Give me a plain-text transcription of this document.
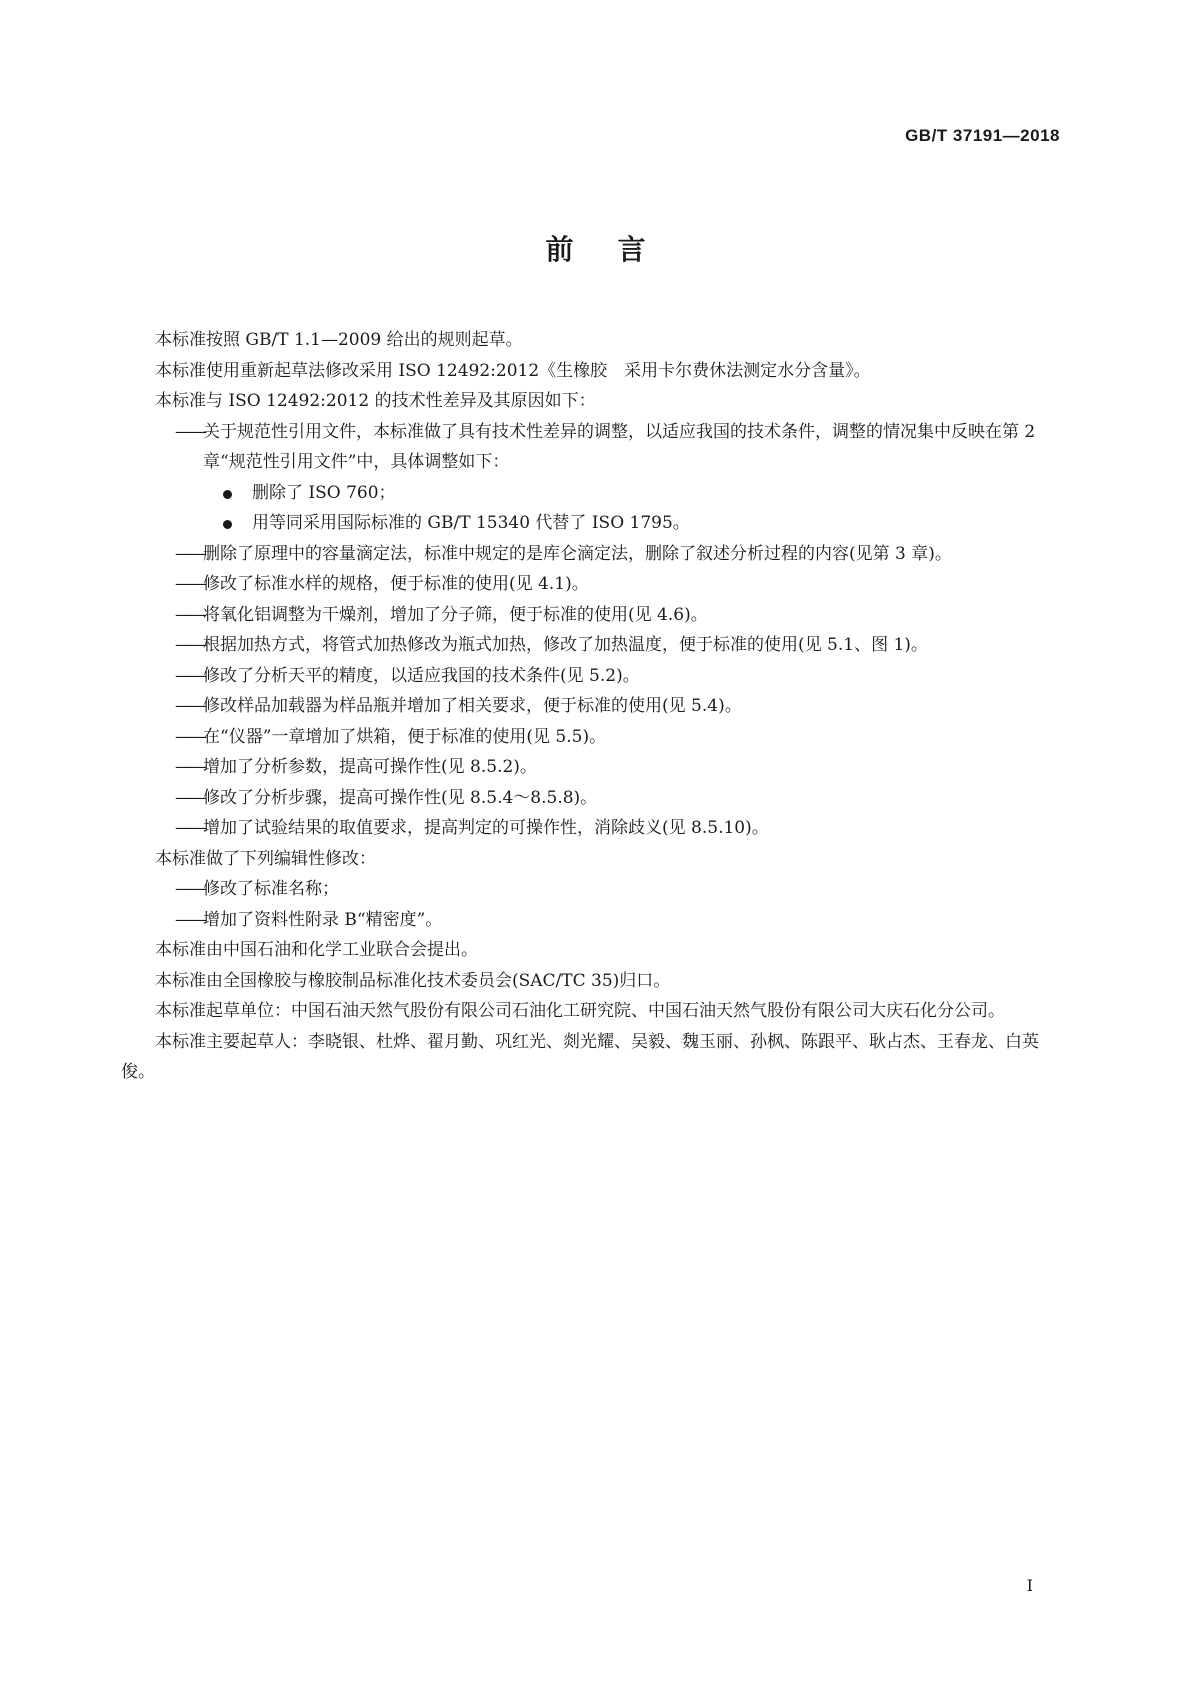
GB/T 37191—2018
前言
本标准按照 GB/T 1.1—2009 给出的规则起草。
本标准使用重新起草法修改采用 ISO 12492:2012《生橡胶　采用卡尔费休法测定水分含量》。
本标准与 ISO 12492:2012 的技术性差异及其原因如下：
——
关于规范性引用文件，本标准做了具有技术性差异的调整，以适应我国的技术条件，调整的情况集中反映在第 2 章“规范性引用文件”中，具体调整如下：
删除了 ISO 760；
用等同采用国际标准的 GB/T 15340 代替了 ISO 1795。
——
删除了原理中的容量滴定法，标准中规定的是库仑滴定法，删除了叙述分析过程的内容(见第 3 章)。
——
修改了标准水样的规格，便于标准的使用(见 4.1)。
——
将氧化铝调整为干燥剂，增加了分子筛，便于标准的使用(见 4.6)。
——
根据加热方式，将管式加热修改为瓶式加热，修改了加热温度，便于标准的使用(见 5.1、图 1)。
——
修改了分析天平的精度，以适应我国的技术条件(见 5.2)。
——
修改样品加载器为样品瓶并增加了相关要求，便于标准的使用(见 5.4)。
——
在“仪器”一章增加了烘箱，便于标准的使用(见 5.5)。
——
增加了分析参数，提高可操作性(见 8.5.2)。
——
修改了分析步骤，提高可操作性(见 8.5.4～8.5.8)。
——
增加了试验结果的取值要求，提高判定的可操作性，消除歧义(见 8.5.10)。
本标准做了下列编辑性修改：
——
修改了标准名称；
——
增加了资料性附录 B“精密度”。
本标准由中国石油和化学工业联合会提出。
本标准由全国橡胶与橡胶制品标准化技术委员会(SAC/TC 35)归口。
本标准起草单位：中国石油天然气股份有限公司石油化工研究院、中国石油天然气股份有限公司大庆石化分公司。
本标准主要起草人：李晓银、杜烨、翟月勤、巩红光、剡光耀、吴毅、魏玉丽、孙枫、陈跟平、耿占杰、王春龙、白英俊。
I
